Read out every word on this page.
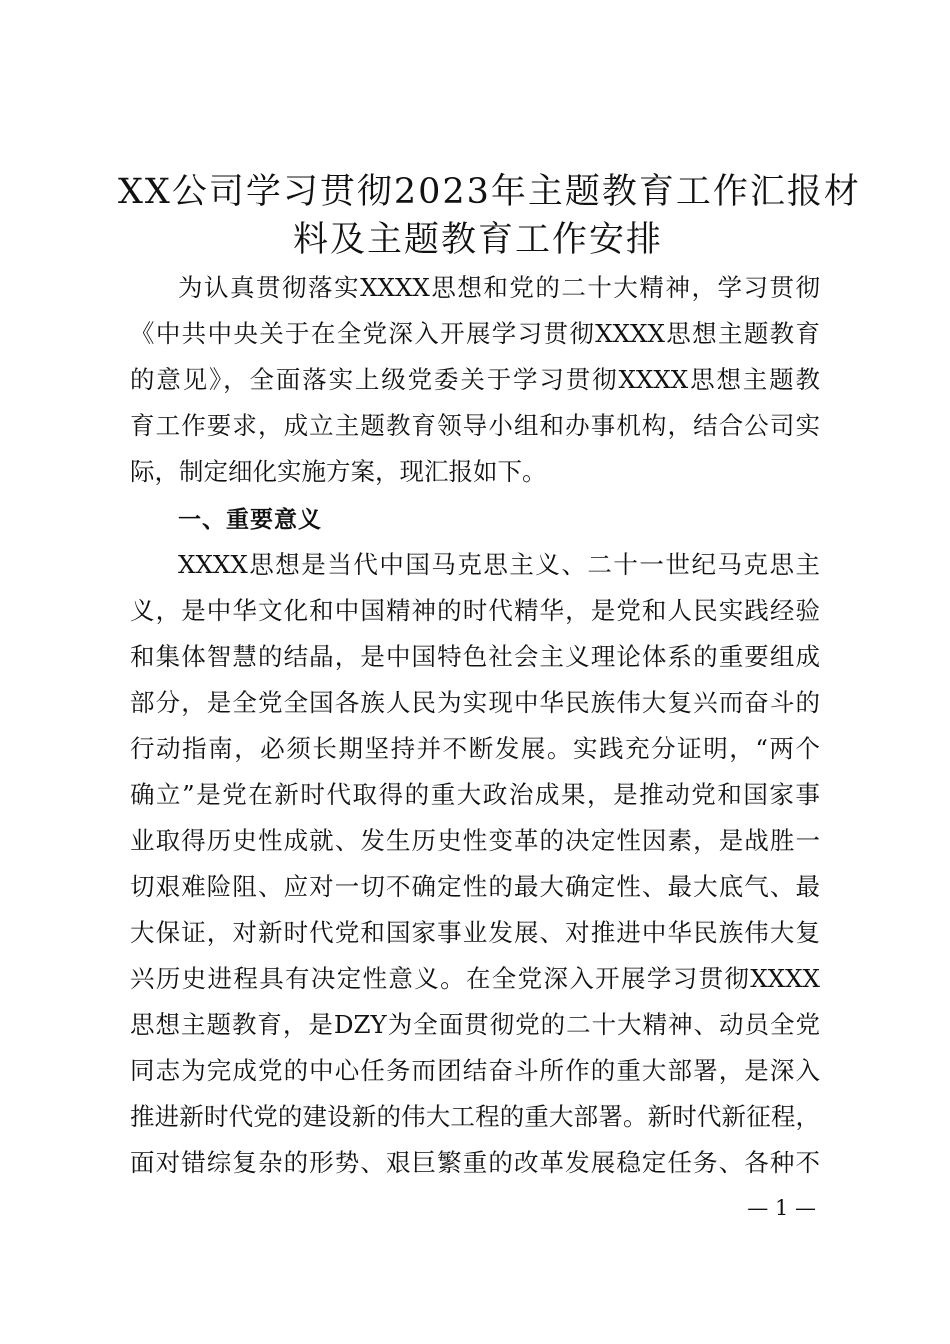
XX公司学习贯彻2023年主题教育工作汇报材
料及主题教育工作安排
为认真贯彻落实XXXX思想和党的二十大精神，学习贯彻
《中共中央关于在全党深入开展学习贯彻XXXX思想主题教育
的意见》，全面落实上级党委关于学习贯彻XXXX思想主题教
育工作要求，成立主题教育领导小组和办事机构，结合公司实
际，制定细化实施方案，现汇报如下。
一、重要意义
XXXX思想是当代中国马克思主义、二十一世纪马克思主
义，是中华文化和中国精神的时代精华，是党和人民实践经验
和集体智慧的结晶，是中国特色社会主义理论体系的重要组成
部分，是全党全国各族人民为实现中华民族伟大复兴而奋斗的
行动指南，必须长期坚持并不断发展。实践充分证明，“两个
确立”是党在新时代取得的重大政治成果，是推动党和国家事
业取得历史性成就、发生历史性变革的决定性因素，是战胜一
切艰难险阻、应对一切不确定性的最大确定性、最大底气、最
大保证，对新时代党和国家事业发展、对推进中华民族伟大复
兴历史进程具有决定性意义。在全党深入开展学习贯彻XXXX
思想主题教育，是DZY为全面贯彻党的二十大精神、动员全党
同志为完成党的中心任务而团结奋斗所作的重大部署，是深入
推进新时代党的建设新的伟大工程的重大部署。新时代新征程，
面对错综复杂的形势、艰巨繁重的改革发展稳定任务、各种不
— 1 —
